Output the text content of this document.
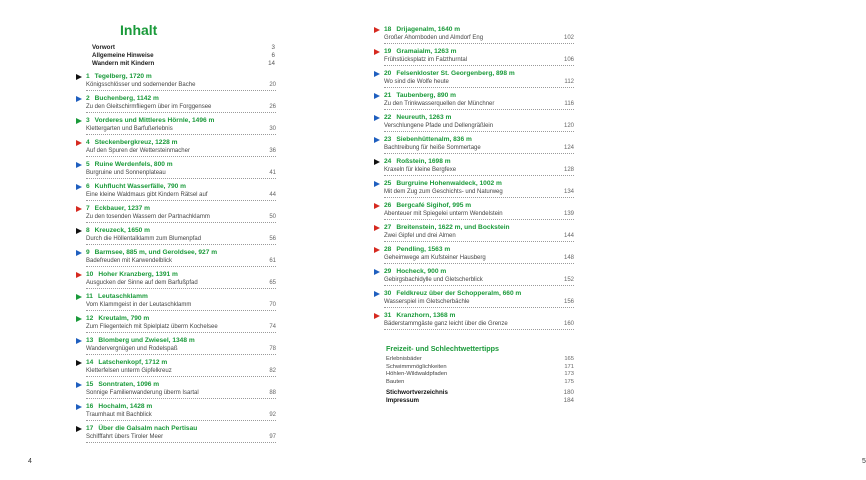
Inhalt
Vorwort	3
Allgemeine Hinweise	6
Wandern mit Kindern	14
1 Tegelberg, 1720 m
Königsschlösser und sodernender Bache	20
2 Buchenberg, 1142 m
Zu den Gleitschirmfliegern über im Forggensee	26
3 Vorderes und Mittleres Hörnle, 1496 m
Klettergarten und Barfußerlebnis	30
4 Steckenbergkreuz, 1228 m
Auf den Spuren der Wettersteinmacher	36
5 Ruine Werdenfels, 800 m
Burgruine und Sonnenplateau	41
6 Kuhflucht Wasserfälle, 790 m
Eine kleine Waldmaus gibt Kindern Rätsel auf	44
7 Eckbauer, 1237 m
Zu den tosenden Wassern der Partnachklamm	50
8 Kreuzeck, 1650 m
Durch die Höllentalklamm zum Blumenpfad	56
9 Barmsee, 885 m, und Geroldsee, 927 m
Badefreuden mit Karwendelblick	61
10 Hoher Kranzberg, 1391 m
Ausgucken der Sinne auf dem Barfußpfad	65
11 Leutaschklamm
Vom Klammgeist in der Leutaschklamm	70
12 Kreutalm, 790 m
Zum Fliegenteich mit Spielplatz überm Kochelsee	74
13 Blomberg und Zwiesel, 1348 m
Wandervergnügen und Rodelspaß	78
14 Latschenkopf, 1712 m
Kletterfelsen unterm Gipfelkreuz	82
15 Sonntraten, 1096 m
Sonnige Familienwanderung überm Isartal	88
16 Hochalm, 1428 m
Traumhaut mit Bachblick	92
17 Über die Galsalm nach Pertisau
Schifffahrt übers Tiroler Meer	97
4
18 Drijagenalm, 1640 m
Großer Ahornboden und Almdorf Eng	102
19 Gramaialm, 1263 m
Frühstücksplatz im Falzthurntal	106
20 Felsenkloster St. Georgenberg, 898 m
Wo sind die Wolfe heute	112
21 Taubenberg, 890 m
Zu den Trinkwasserquellen der Münchner	116
22 Neureuth, 1263 m
Verschlungene Pfade und Dellengräßlein	120
23 Siebenhüttenalm, 836 m
Bachtreibung für heiße Sommertage	124
24 Roßstein, 1698 m
Kraxeln für kleine Bergfexe	128
25 Burgruine Hohenwaldeck, 1002 m
Mit dem Zug zum Geschichts- und Naturweg	134
26 Bergcafé Sigihof, 995 m
Abenteuer mit Spiegelei unterm Wendelstein	139
27 Breitenstein, 1622 m, und Bockstein
Zwei Gipfel und drei Almen	144
28 Pendling, 1563 m
Geheimwege am Kufsteiner Hausberg	148
29 Hocheck, 900 m
Gebirgsbachidylle und Gletscherblick	152
30 Feldkreuz über der Schopperalm, 660 m
Wasserspiel im Gletscherbächle	156
31 Kranzhorn, 1368 m
Bäderstammgäste ganz leicht über die Grenze	160
Freizeit- und Schlechtwettertipps
Erlebnisbäder	165
Schwimmmöglichkeiten	171
Höhlen-Wildwaldpfaden	173
Bauten	175
Stichwortverzeichnis	180
Impressum	184
5
